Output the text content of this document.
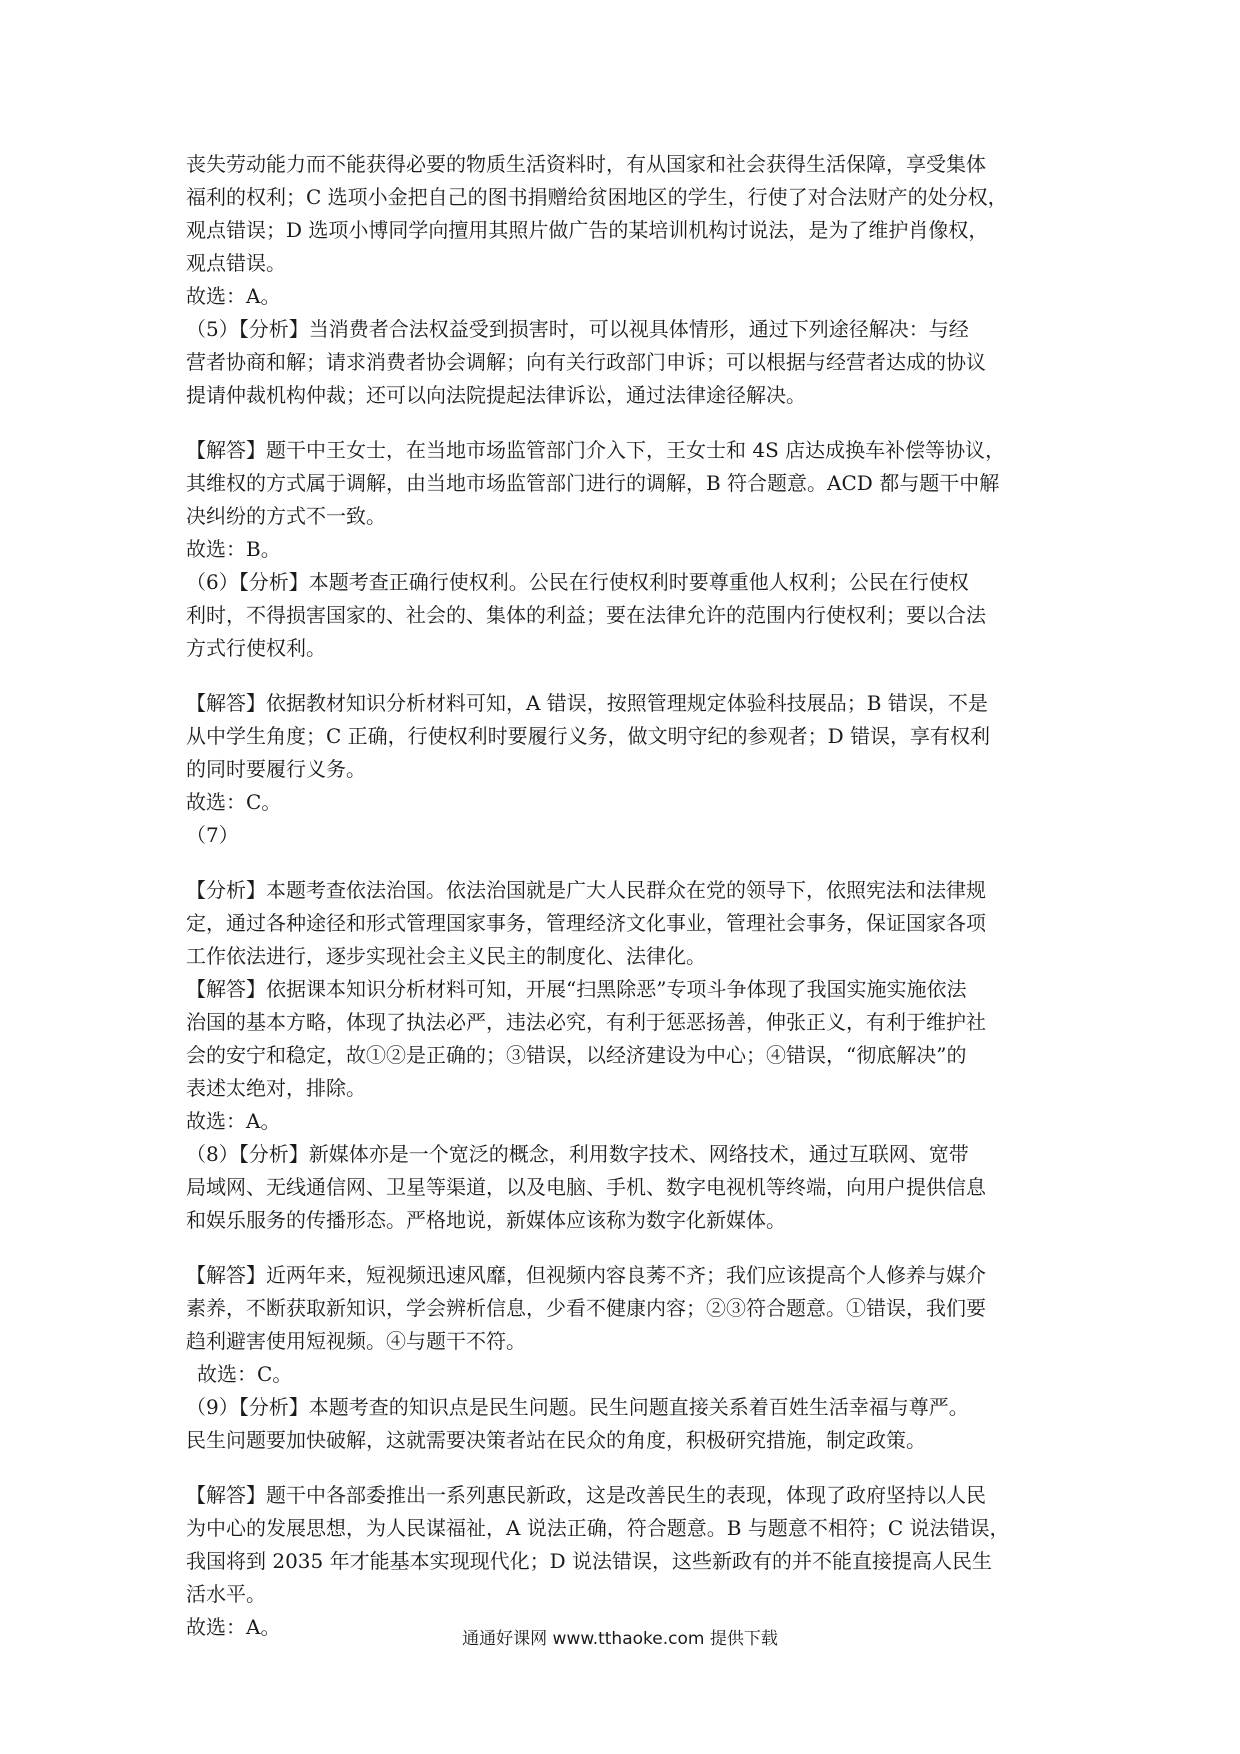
丧失劳动能力而不能获得必要的物质生活资料时，有从国家和社会获得生活保障，享受集体
福利的权利；C 选项小金把自己的图书捐赠给贫困地区的学生，行使了对合法财产的处分权，
观点错误；D 选项小博同学向擅用其照片做广告的某培训机构讨说法，是为了维护肖像权，
观点错误。
故选：A。
（5）【分析】当消费者合法权益受到损害时，可以视具体情形，通过下列途径解决：与经
营者协商和解；请求消费者协会调解；向有关行政部门申诉；可以根据与经营者达成的协议
提请仲裁机构仲裁；还可以向法院提起法律诉讼，通过法律途径解决。
【解答】题干中王女士，在当地市场监管部门介入下，王女士和 4S 店达成换车补偿等协议，
其维权的方式属于调解，由当地市场监管部门进行的调解，B 符合题意。ACD 都与题干中解
决纠纷的方式不一致。
故选：B。
（6）【分析】本题考查正确行使权利。公民在行使权利时要尊重他人权利；公民在行使权
利时，不得损害国家的、社会的、集体的利益；要在法律允许的范围内行使权利；要以合法
方式行使权利。
【解答】依据教材知识分析材料可知，A 错误，按照管理规定体验科技展品；B 错误，不是
从中学生角度；C 正确，行使权利时要履行义务，做文明守纪的参观者；D 错误，享有权利
的同时要履行义务。
故选：C。
（7）
【分析】本题考查依法治国。依法治国就是广大人民群众在党的领导下，依照宪法和法律规
定，通过各种途径和形式管理国家事务，管理经济文化事业，管理社会事务，保证国家各项
工作依法进行，逐步实现社会主义民主的制度化、法律化。
【解答】依据课本知识分析材料可知，开展“扫黑除恶”专项斗争体现了我国实施实施依法
治国的基本方略，体现了执法必严，违法必究，有利于惩恶扬善，伸张正义，有利于维护社
会的安宁和稳定，故①②是正确的；③错误，以经济建设为中心；④错误，“彻底解决”的
表述太绝对，排除。
故选：A。
（8）【分析】新媒体亦是一个宽泛的概念，利用数字技术、网络技术，通过互联网、宽带
局域网、无线通信网、卫星等渠道，以及电脑、手机、数字电视机等终端，向用户提供信息
和娱乐服务的传播形态。严格地说，新媒体应该称为数字化新媒体。
【解答】近两年来，短视频迅速风靡，但视频内容良莠不齐；我们应该提高个人修养与媒介
素养，不断获取新知识，学会辨析信息，少看不健康内容；②③符合题意。①错误，我们要
趋利避害使用短视频。④与题干不符。
故选：C。
（9）【分析】本题考查的知识点是民生问题。民生问题直接关系着百姓生活幸福与尊严。
民生问题要加快破解，这就需要决策者站在民众的角度，积极研究措施，制定政策。
【解答】题干中各部委推出一系列惠民新政，这是改善民生的表现，体现了政府坚持以人民
为中心的发展思想，为人民谋福祉，A 说法正确，符合题意。B 与题意不相符；C 说法错误，
我国将到 2035 年才能基本实现现代化；D 说法错误，这些新政有的并不能直接提高人民生
活水平。
故选：A。	通通好课网 www.tthaoke.com 提供下载
